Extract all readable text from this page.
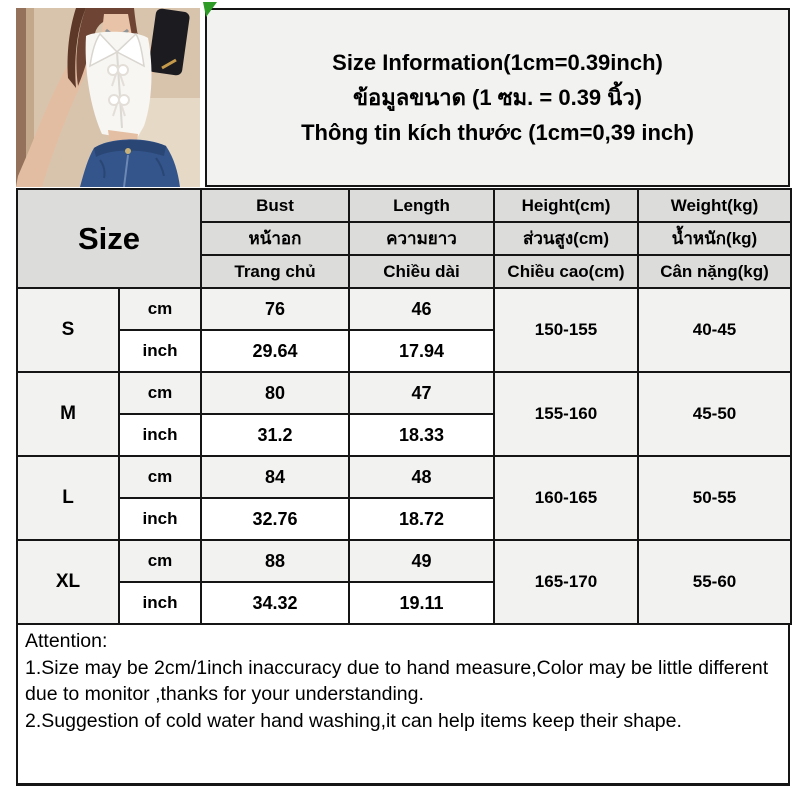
Size Information(1cm=0.39inch)
ข้อมูลขนาด (1 ซม. = 0.39 นิ้ว)
Thông tin kích thước (1cm=0,39 inch)
Size		Bust	Length	Height(cm)	Weight(kg)
		หน้าอก	ความยาว	ส่วนสูง(cm)	น้ำหนัก(kg)
		Trang chủ	Chiều dài	Chiều cao(cm)	Cân nặng(kg)
S	cm	76	46	150-155	40-45
	inch	29.64	17.94		
M	cm	80	47	155-160	45-50
	inch	31.2	18.33		
L	cm	84	48	160-165	50-55
	inch	32.76	18.72		
XL	cm	88	49	165-170	55-60
	inch	34.32	19.11		
Attention:
1.Size may be 2cm/1inch inaccuracy due to hand measure,Color may be little different due to monitor ,thanks for your understanding.
2.Suggestion of cold water hand washing,it can help items keep their shape.
